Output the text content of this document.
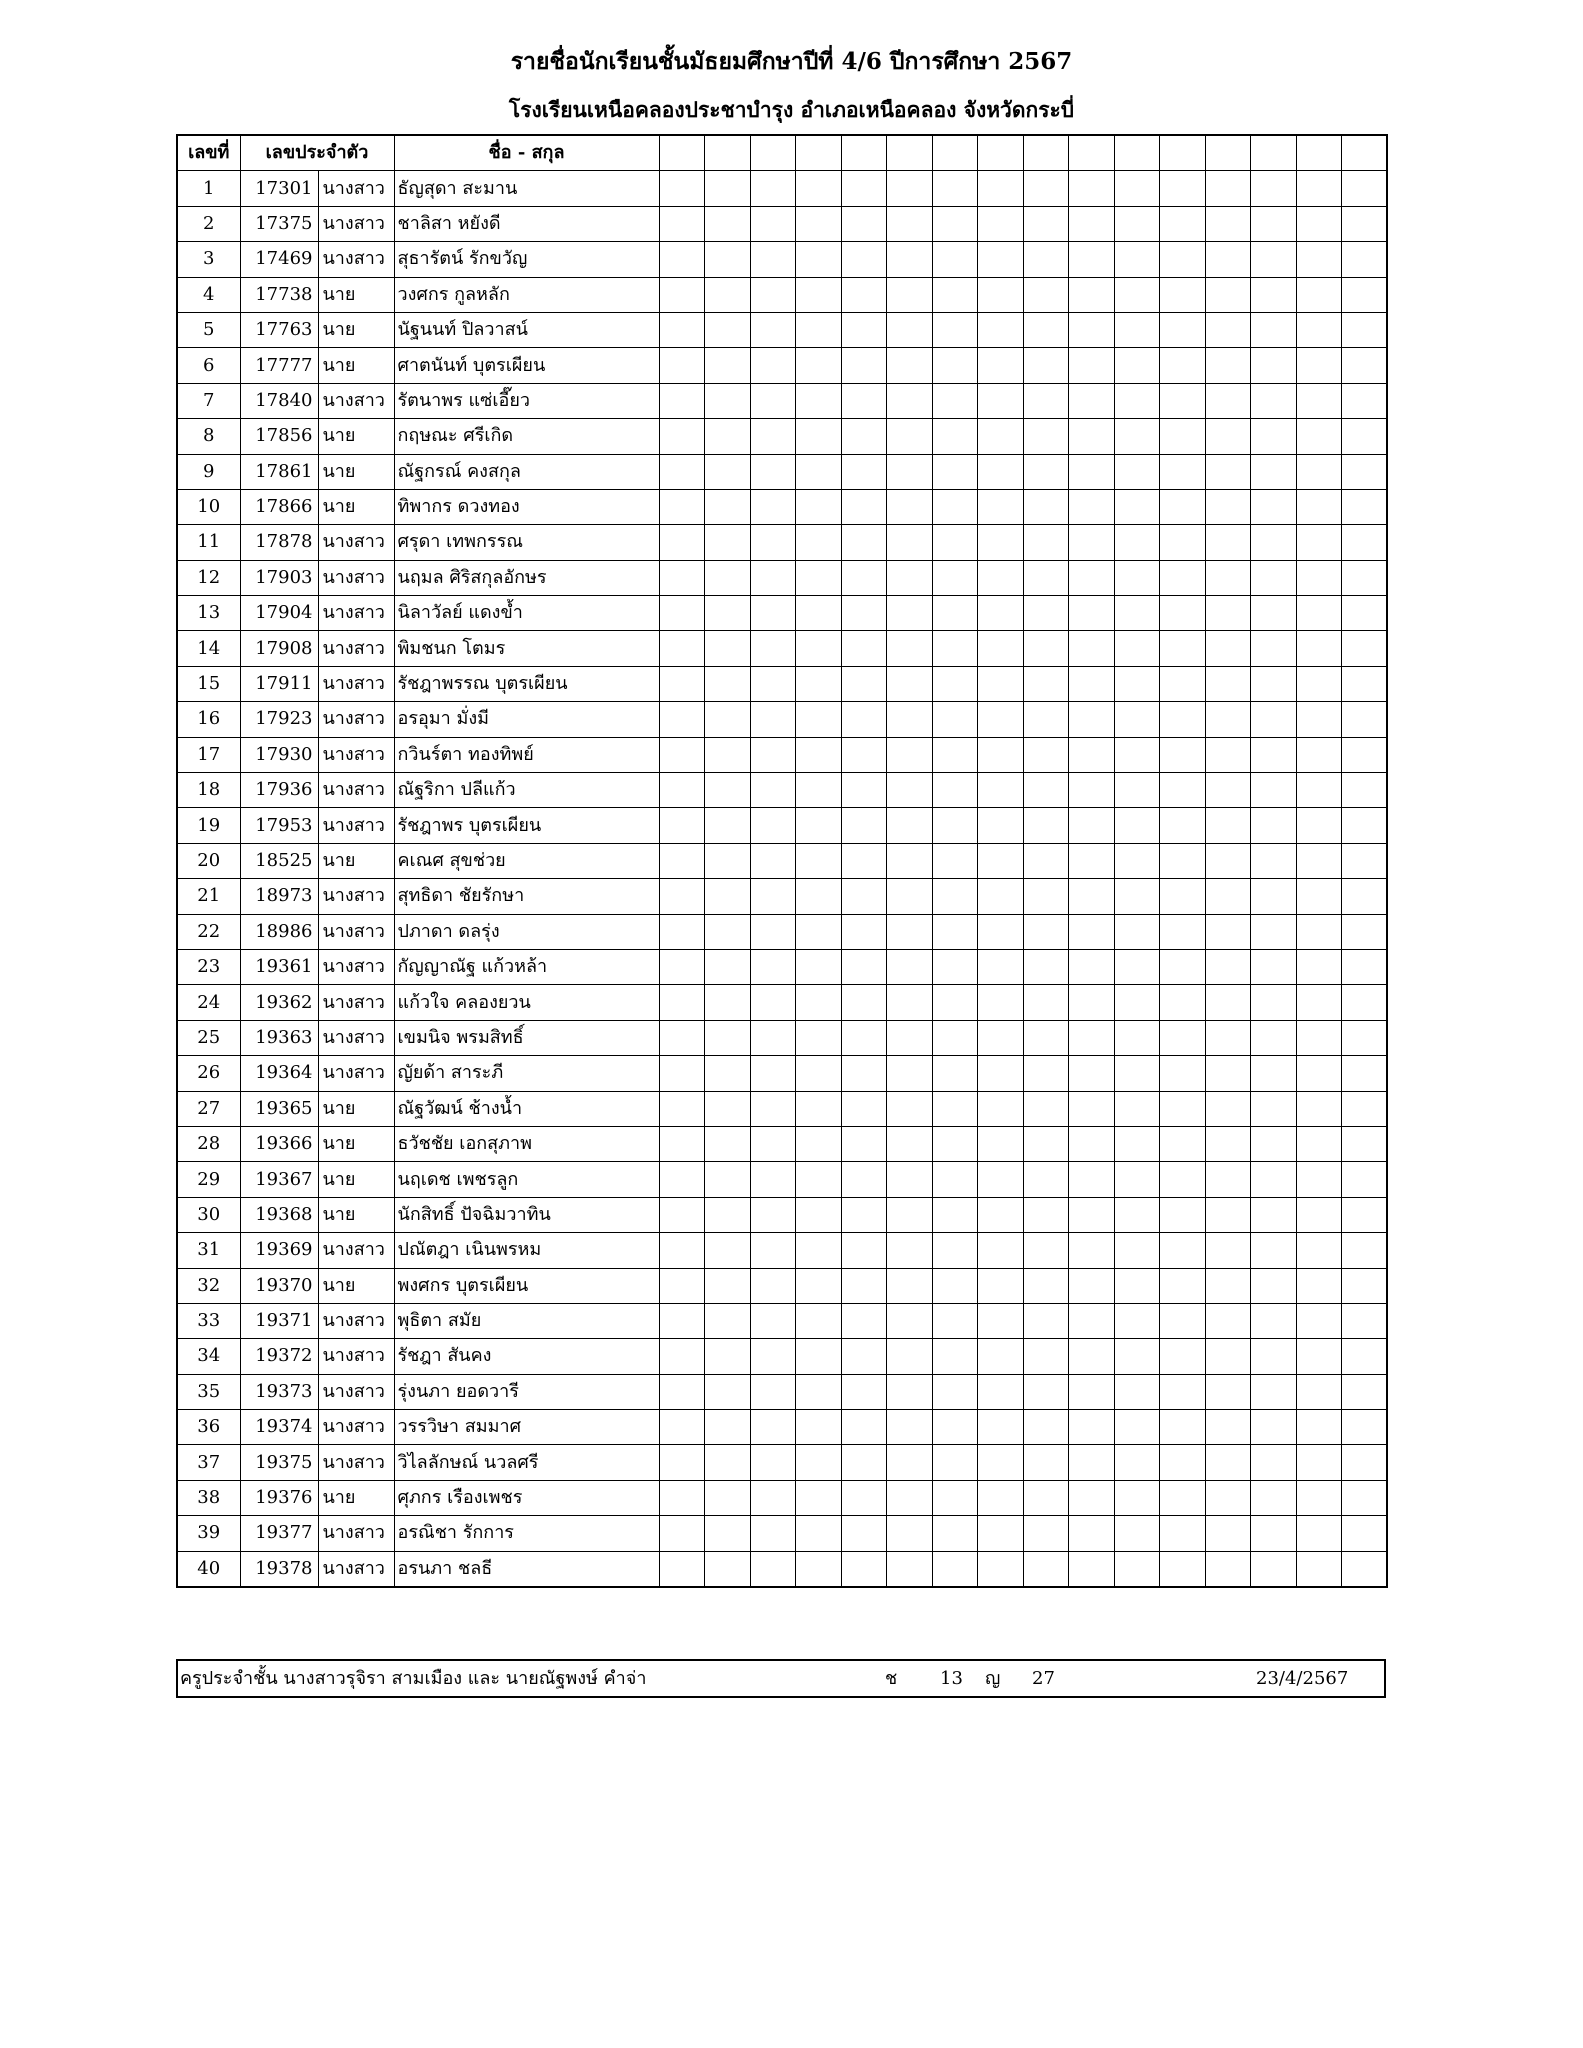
รายชื่อนักเรียนชั้นมัธยมศึกษาปีที่ 4/6 ปีการศึกษา 2567
โรงเรียนเหนือคลองประชาบำรุง อำเภอเหนือคลอง จังหวัดกระบี่
เลขที่	เลขประจำตัว		ชื่อ - สกุล																
1	17301	นางสาว	ธัญสุดา สะมาน																
2	17375	นางสาว	ชาลิสา หยังดี																
3	17469	นางสาว	สุธารัตน์ รักขวัญ																
4	17738	นาย	วงศกร กูลหลัก																
5	17763	นาย	นัฐนนท์ ปิลวาสน์																
6	17777	นาย	ศาตนันท์ บุตรเผียน																
7	17840	นางสาว	รัตนาพร แซ่เอี๊ยว																
8	17856	นาย	กฤษณะ ศรีเกิด																
9	17861	นาย	ณัฐกรณ์ คงสกุล																
10	17866	นาย	ทิพากร ดวงทอง																
11	17878	นางสาว	ศรุดา เทพกรรณ																
12	17903	นางสาว	นฤมล ศิริสกุลอักษร																
13	17904	นางสาว	นิลาวัลย์ แดงข้ำ																
14	17908	นางสาว	พิมชนก โตมร																
15	17911	นางสาว	รัชฎาพรรณ บุตรเผียน																
16	17923	นางสาว	อรอุมา มั่งมี																
17	17930	นางสาว	กวินร์ตา ทองทิพย์																
18	17936	นางสาว	ณัฐริกา ปลีแก้ว																
19	17953	นางสาว	รัชฎาพร บุตรเผียน																
20	18525	นาย	คเณศ สุขช่วย																
21	18973	นางสาว	สุทธิดา ชัยรักษา																
22	18986	นางสาว	ปภาดา ดลรุ่ง																
23	19361	นางสาว	กัญญาณัฐ แก้วหล้า																
24	19362	นางสาว	แก้วใจ คลองยวน																
25	19363	นางสาว	เขมนิจ พรมสิทธิ์																
26	19364	นางสาว	ญัยด้า สาระภี																
27	19365	นาย	ณัฐวัฒน์ ช้างน้ำ																
28	19366	นาย	ธวัชชัย เอกสุภาพ																
29	19367	นาย	นฤเดช เพชรลูก																
30	19368	นาย	นักสิทธิ์ ปัจฉิมวาทิน																
31	19369	นางสาว	ปณัตฎา เนินพรหม																
32	19370	นาย	พงศกร บุตรเผียน																
33	19371	นางสาว	พุธิตา สมัย																
34	19372	นางสาว	รัชฎา สันคง																
35	19373	นางสาว	รุ่งนภา ยอดวารี																
36	19374	นางสาว	วรรวิษา สมมาศ																
37	19375	นางสาว	วิไลลักษณ์ นวลศรี																
38	19376	นาย	ศุภกร เรืองเพชร																
39	19377	นางสาว	อรณิชา รักการ																
40	19378	นางสาว	อรนภา ชลธี																
ครูประจำชั้น นางสาวรุจิรา สามเมือง และ นายณัฐพงษ์ คำจ่า	ช 13 ญ 27	23/4/2567
